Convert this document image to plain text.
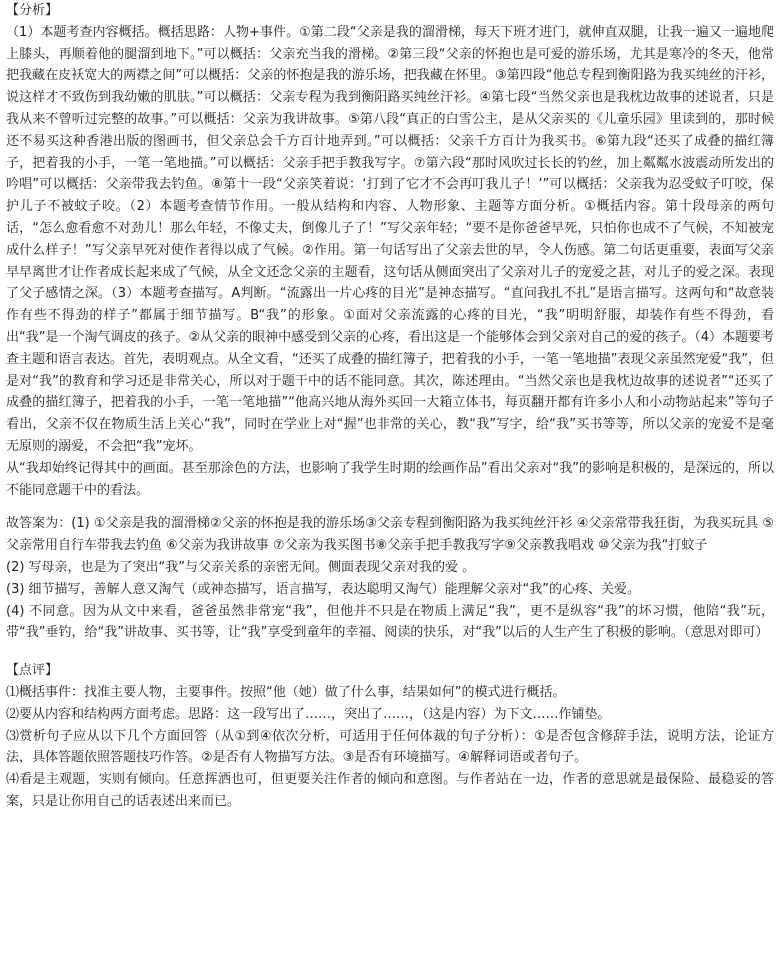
【分析】

（1）本题考查内容概括。概括思路：人物+事件。①第二段“父亲是我的溜滑梯，每天下班才进门，就伸直双腿，让我一遍又一遍地爬上膝头，再顺着他的腿溜到地下。”可以概括：父亲充当我的滑梯。②第三段“父亲的怀抱也是可爱的游乐场，尤其是寒冷的冬天，他常把我藏在皮袄宽大的两襟之间”可以概括：父亲的怀抱是我的游乐场，把我藏在怀里。③第四段“他总专程到衡阳路为我买纯丝的汗衫，说这样才不致伤到我幼嫩的肌肤。”可以概括：父亲专程为我到衡阳路买纯丝汗衫。④第七段“当然父亲也是我枕边故事的述说者，只是我从来不曾听过完整的故事。”可以概括：父亲为我讲故事。⑤第八段“真正的白雪公主，是从父亲买的《儿童乐园》里读到的，那时候还不易买这种香港出版的图画书，但父亲总会千方百计地弄到。”可以概括：父亲千方百计为我买书。⑥第九段“还买了成叠的描红簿子，把着我的小手，一笔一笔地描。”可以概括：父亲手把手教我写字。⑦第六段“那时风吹过长长的钓丝，加上粼粼水波震动所发出的吟唱”可以概括：父亲带我去钓鱼。⑧第十一段“父亲笑着说：‘打到了它才不会再叮我儿子！’”可以概括：父亲我为忍受蚊子叮咬，保护儿子不被蚊子咬。（2）本题考查情节作用。一般从结构和内容、人物形象、主题等方面分析。①概括内容。第十段母亲的两句话，“怎么愈看愈不对劲儿！那么年轻，不像丈夫，倒像儿子了！”写父亲年轻；“要不是你爸爸早死，只怕你也成不了气候，不知被宠成什么样子！”写父亲早死对使作者得以成了气候。②作用。第一句话写出了父亲去世的早，令人伤感。第二句话更重要，表面写父亲早早离世才让作者成长起来成了气候，从全文还念父亲的主题看，这句话从侧面突出了父亲对儿子的宠爱之甚，对儿子的爱之深。表现了父子感情之深。（3）本题考查描写。A判断。“流露出一片心疼的目光”是神态描写。“直问我扎不扎”是语言描写。这两句和“故意装作有些不得劲的样子”都属于细节描写。B“我”的形象。①面对父亲流露的心疼的目光，“我”明明舒服，却装作有些不得劲，看出“我”是一个淘气调皮的孩子。②从父亲的眼神中感受到父亲的心疼，看出这是一个能够体会到父亲对自己的爱的孩子。（4）本题要考查主题和语言表达。首先，表明观点。从全文看，“还买了成叠的描红簿子，把着我的小手，一笔一笔地描”表现父亲虽然宠爱“我”，但是对“我”的教育和学习还是非常关心，所以对于题干中的话不能同意。其次，陈述理由。“当然父亲也是我枕边故事的述说者”“还买了成叠的描红簿子，把着我的小手，一笔一笔地描”“他高兴地从海外买回一大箱立体书，每页翻开都有许多小人和小动物站起来”等句子看出，父亲不仅在物质生活上关心“我”，同时在学业上对“握”也非常的关心，教“我”写字，给“我”买书等等，所以父亲的宠爱不是毫无原则的溺爱，不会把“我”宠坏。

从“我却始终记得其中的画面。甚至那涂色的方法，也影响了我学生时期的绘画作品”看出父亲对“我”的影响是积极的，是深远的，所以不能同意题干中的看法。

故答案为：(1) ①父亲是我的溜滑梯②父亲的怀抱是我的游乐场③父亲专程到衡阳路为我买纯丝汗衫 ④父亲常带我狂街，为我买玩具 ⑤父亲常用自行车带我去钓鱼 ⑥父亲为我讲故事 ⑦父亲为我买图书⑧父亲手把手教我写字⑨父亲教我唱戏 ⑩父亲为我“打蚊子

(2) 写母亲，也是为了突出“我”与父亲关系的亲密无间。侧面表现父亲对我的爱 。

(3) 细节描写，善解人意又淘气（或神态描写，语言描写，表达聪明又淘气）能理解父亲对“我”的心疼、关爱。

(4) 不同意。因为从文中来看，爸爸虽然非常宠“我”，但他并不只是在物质上满足“我”，更不是纵容“我”的坏习惯，他陪“我”玩，带“我”垂钓，给“我”讲故事、买书等，让“我”享受到童年的幸福、阅读的快乐，对“我”以后的人生产生了积极的影响。（意思对即可）

【点评】

⑴概括事件：找准主要人物，主要事件。按照“他（她）做了什么事，结果如何”的模式进行概括。

⑵要从内容和结构两方面考虑。思路：这一段写出了……，突出了……，（这是内容）为下文……作铺垫。

⑶赏析句子应从以下几个方面回答（从①到④依次分析，可适用于任何体裁的句子分析）：①是否包含修辞手法，说明方法，论证方法，具体答题依照答题技巧作答。②是否有人物描写方法。③是否有环境描写。④解释词语或者句子。

⑷看是主观题，实则有倾向。任意挥洒也可，但更要关注作者的倾向和意图。与作者站在一边，作者的意思就是最保险、最稳妥的答案，只是让你用自己的话表述出来而已。
